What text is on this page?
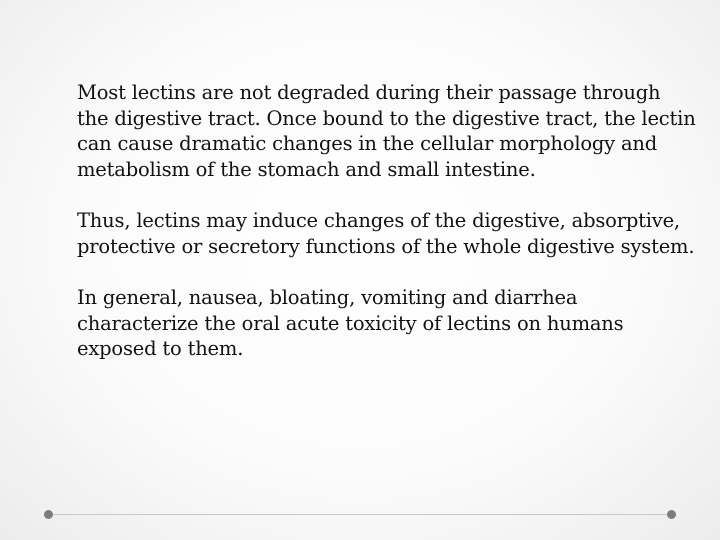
Most lectins are not degraded during their passage through the digestive tract. Once bound to the digestive tract, the lectin can cause dramatic changes in the cellular morphology and metabolism of the stomach and small intestine.

Thus, lectins may induce changes of the digestive, absorptive, protective or secretory functions of the whole digestive system.

In general, nausea, bloating, vomiting and diarrhea characterize the oral acute toxicity of lectins on humans exposed to them.
